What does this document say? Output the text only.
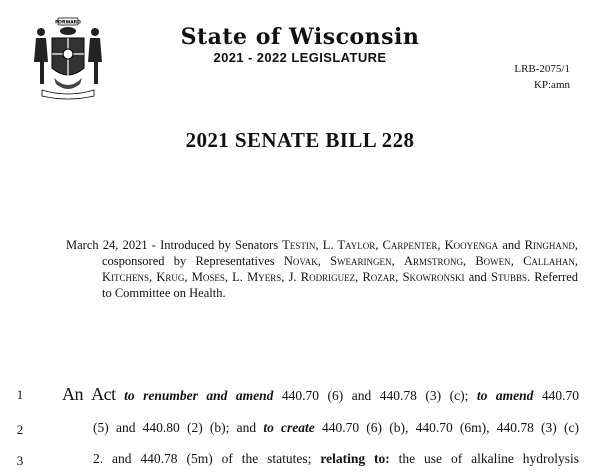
FORWARD
State of Wisconsin
2021 - 2022 LEGISLATURE
LRB-2075/1
KP:amn
2021 SENATE BILL 228
March 24, 2021 - Introduced by Senators Testin, L. Taylor, Carpenter, Kooyenga and Ringhand, cosponsored by Representatives Novak, Swearingen, Armstrong, Bowen, Callahan, Kitchens, Krug, Moses, L. Myers, J. Rodriguez, Rozar, Skowronski and Stubbs. Referred to Committee on Health.
1	An Act to renumber and amend 440.70 (6) and 440.78 (3) (c); to amend 440.70
2	(5) and 440.80 (2) (b); and to create 440.70 (6) (b), 440.70 (6m), 440.78 (3) (c)
3	2. and 440.78 (5m) of the statutes; relating to: the use of alkaline hydrolysis
